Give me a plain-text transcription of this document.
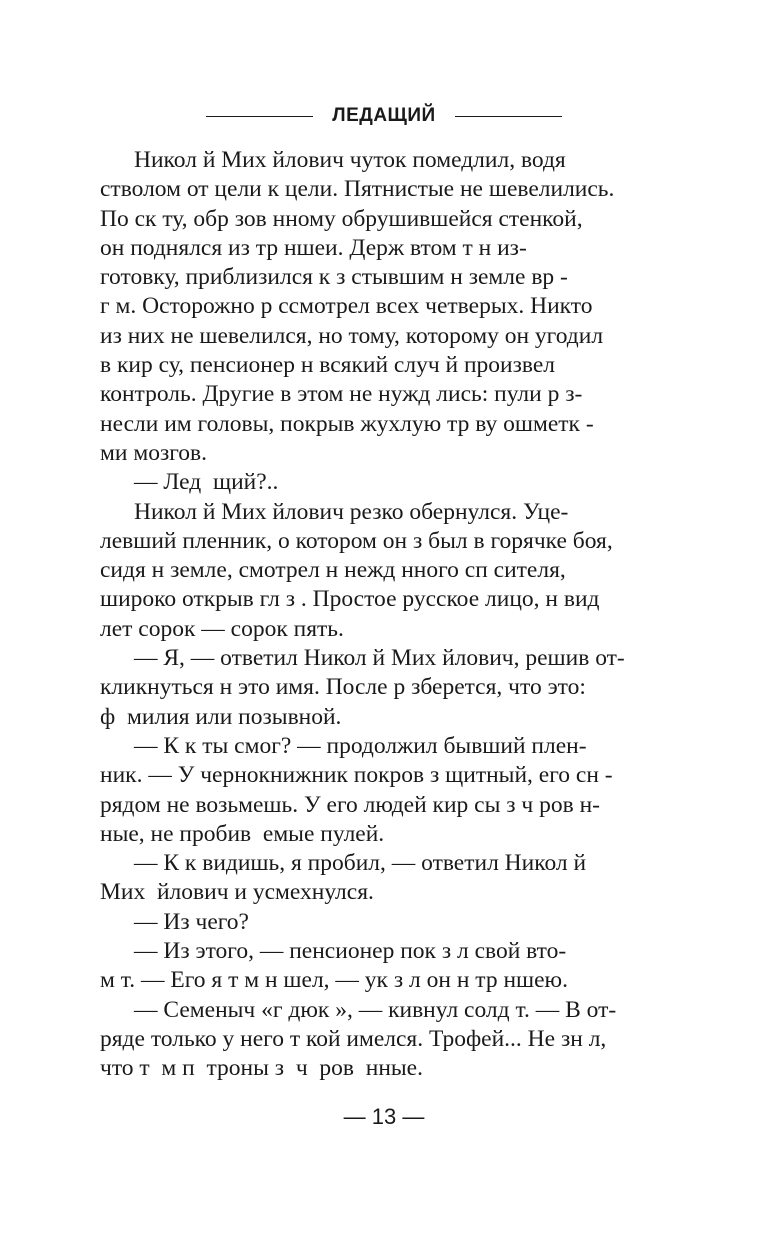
ЛЕДАЩИЙ
Никол й Мих йлович чуток помедлил, водя
стволом от цели к цели. Пятнистые не шевелились.
По ск ту, обр зов нному обрушившейся стенкой,
он поднялся из тр ншеи. Держ втом т н из-
готовку, приблизился к з стывшим н земле вр -
г м. Осторожно р ссмотрел всех четверых. Никто
из них не шевелился, но тому, которому он угодил
в кир су, пенсионер н всякий случ й произвел
контроль. Другие в этом не нужд лись: пули р з-
несли им головы, покрыв жухлую тр ву ошметк -
ми мозгов.
— Лед  щий?..
Никол й Мих йлович резко обернулся. Уце-
левший пленник, о котором он з был в горячке боя,
сидя н земле, смотрел н нежд нного сп сителя,
широко открыв гл з . Простое русское лицо, н вид
лет сорок — сорок пять.
— Я, — ответил Никол й Мих йлович, решив от-
кликнуться н это имя. После р зберется, что это:
ф  милия или позывной.
— К к ты смог? — продолжил бывший плен-
ник. — У чернокнижник покров з щитный, его сн -
рядом не возьмешь. У его людей кир сы з ч ров н-
ные, не пробив  емые пулей.
— К к видишь, я пробил, — ответил Никол й
Мих  йлович и усмехнулся.
— Из чего?
— Из этого, — пенсионер пок з л свой вто-
м т. — Его я т м н шел, — ук з л он н тр ншею.
— Семеныч «г дюк », — кивнул солд т. — В от-
ряде только у него т кой имелся. Трофей... Не зн л,
что т  м п  троны з  ч  ров  нные.
— 13 —
